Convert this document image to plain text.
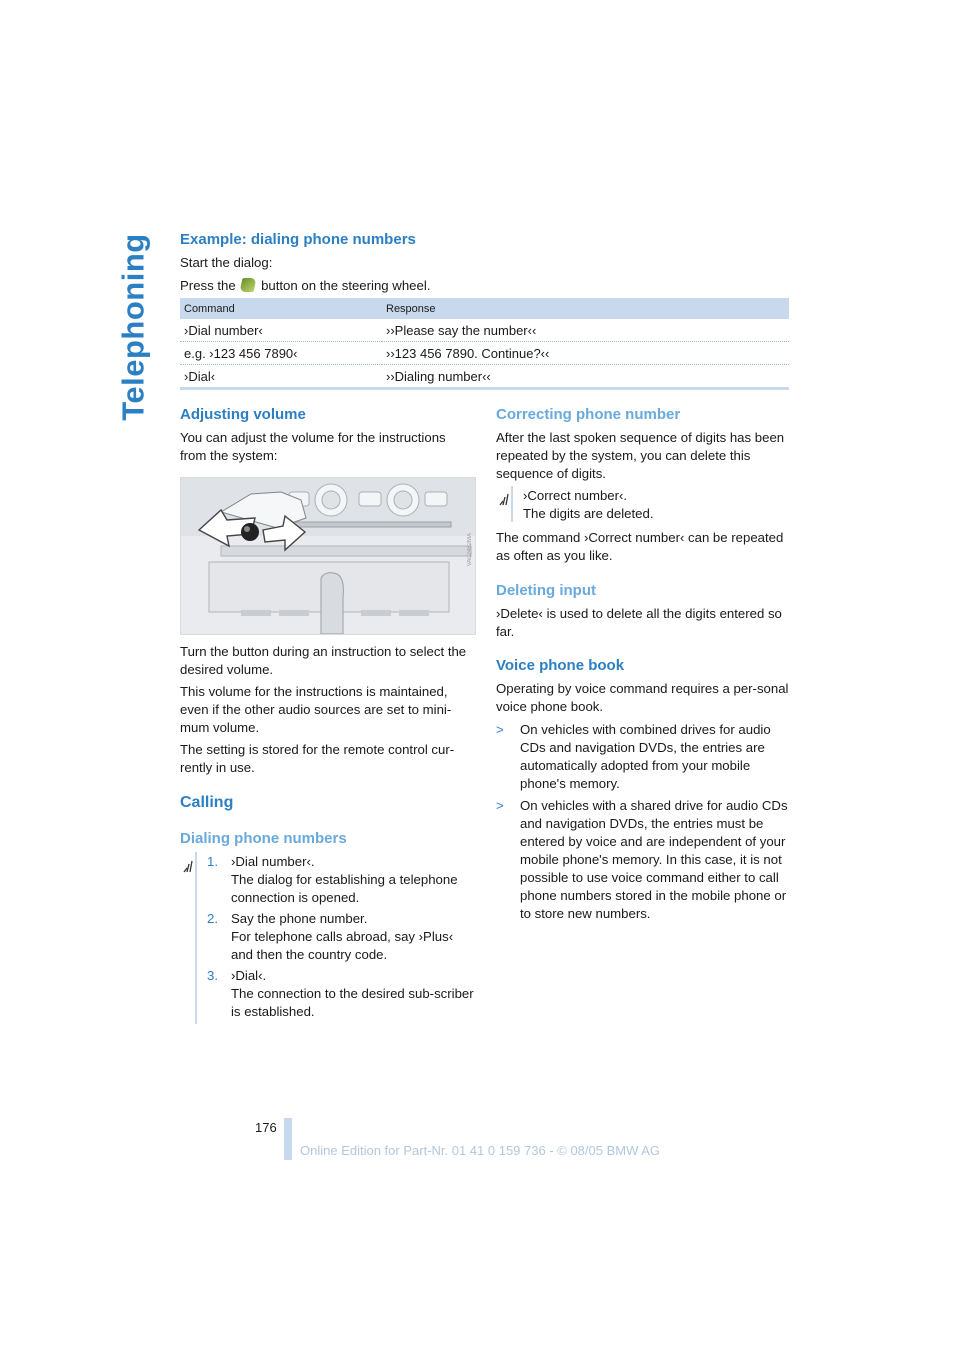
Telephoning Example: dialing phone numbers
Start the dialog:
Press the button on the steering wheel.
Command	Response
›Dial number‹	››Please say the number‹‹
e.g. ›123 456 7890‹	››123 456 7890. Continue?‹‹
›Dial‹	››Dialing number‹‹
Adjusting volume
You can adjust the volume for the instructions from the system:
VA02482MA
Turn the button during an instruction to select the desired volume.
This volume for the instructions is maintained, even if the other audio sources are set to mini-mum volume.
The setting is stored for the remote control cur-rently in use.
Calling
Dialing phone numbers
1. ›Dial number‹.
The dialog for establishing a telephone connection is opened.
2. Say the phone number.
For telephone calls abroad, say ›Plus‹ and then the country code.
3. ›Dial‹.
The connection to the desired sub-scriber is established.
Correcting phone number
After the last spoken sequence of digits has been repeated by the system, you can delete this sequence of digits.
›Correct number‹.
The digits are deleted.
The command ›Correct number‹ can be repeated as often as you like.
Deleting input
›Delete‹ is used to delete all the digits entered so far.
Voice phone book
Operating by voice command requires a per-sonal voice phone book.
> On vehicles with combined drives for audio CDs and navigation DVDs, the entries are automatically adopted from your mobile phone's memory.
> On vehicles with a shared drive for audio CDs and navigation DVDs, the entries must be entered by voice and are independent of your mobile phone's memory. In this case, it is not possible to use voice command either to call phone numbers stored in the mobile phone or to store new numbers.
176
Online Edition for Part-Nr. 01 41 0 159 736 - © 08/05 BMW AG
